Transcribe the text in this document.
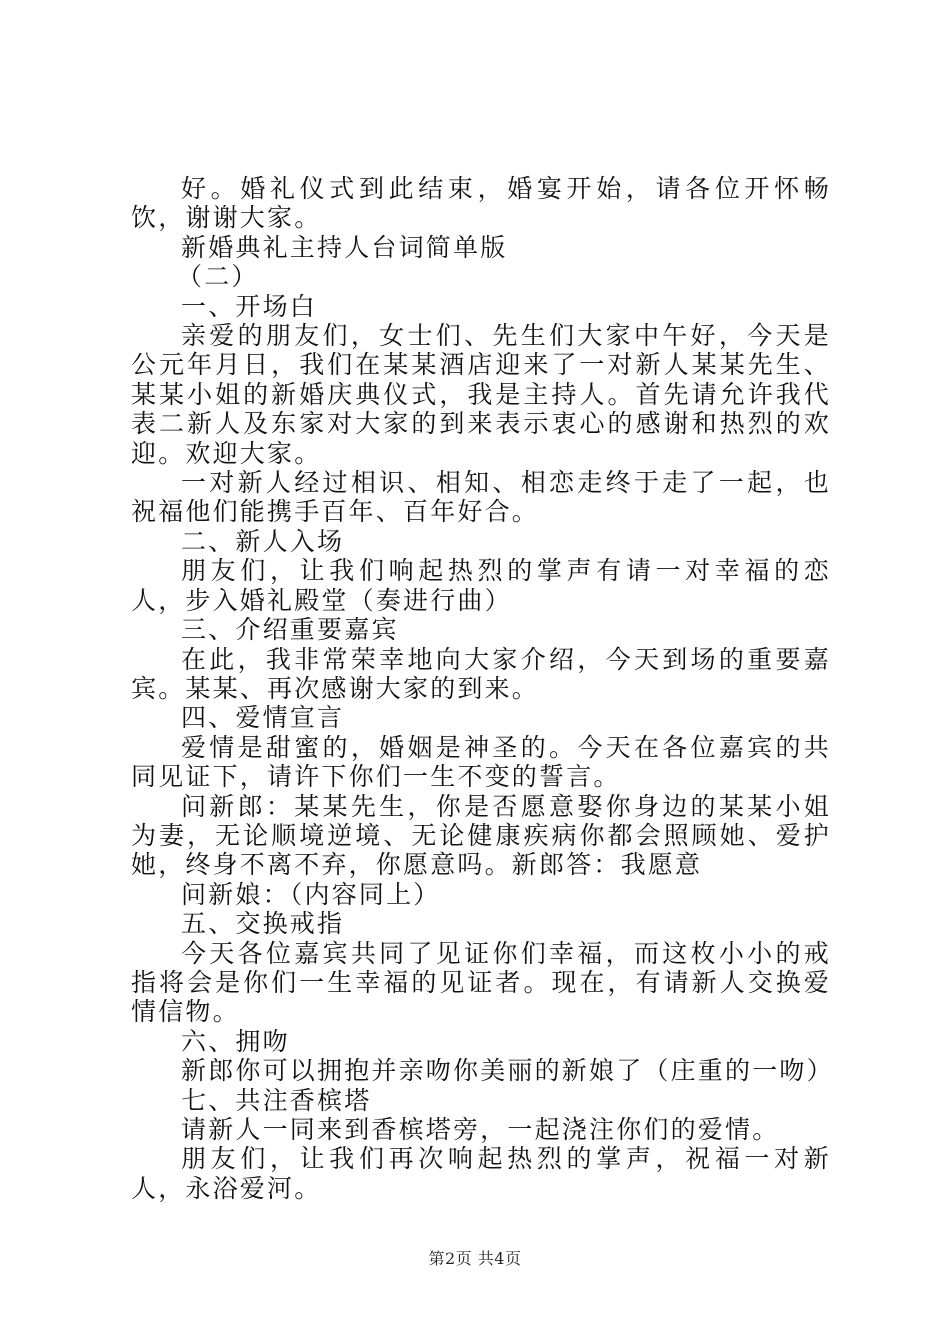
好。婚礼仪式到此结束，婚宴开始，请各位开怀畅饮，谢谢大家。

新婚典礼主持人台词简单版

（二）

一、开场白

亲爱的朋友们，女士们、先生们大家中午好，今天是公元年月日，我们在某某酒店迎来了一对新人某某先生、某某小姐的新婚庆典仪式，我是主持人。首先请允许我代表二新人及东家对大家的到来表示衷心的感谢和热烈的欢迎。欢迎大家。

一对新人经过相识、相知、相恋走终于走了一起，也祝福他们能携手百年、百年好合。

二、新人入场

朋友们，让我们响起热烈的掌声有请一对幸福的恋人，步入婚礼殿堂（奏进行曲）

三、介绍重要嘉宾

在此，我非常荣幸地向大家介绍，今天到场的重要嘉宾。某某、再次感谢大家的到来。

四、爱情宣言

爱情是甜蜜的，婚姻是神圣的。今天在各位嘉宾的共同见证下，请许下你们一生不变的誓言。

问新郎：某某先生，你是否愿意娶你身边的某某小姐为妻，无论顺境逆境、无论健康疾病你都会照顾她、爱护她，终身不离不弃，你愿意吗。新郎答：我愿意

问新娘：（内容同上）

五、交换戒指

今天各位嘉宾共同了见证你们幸福，而这枚小小的戒指将会是你们一生幸福的见证者。现在，有请新人交换爱情信物。

六、拥吻

新郎你可以拥抱并亲吻你美丽的新娘了（庄重的一吻）

七、共注香槟塔

请新人一同来到香槟塔旁，一起浇注你们的爱情。

朋友们，让我们再次响起热烈的掌声，祝福一对新人，永浴爱河。

第2页 共4页
